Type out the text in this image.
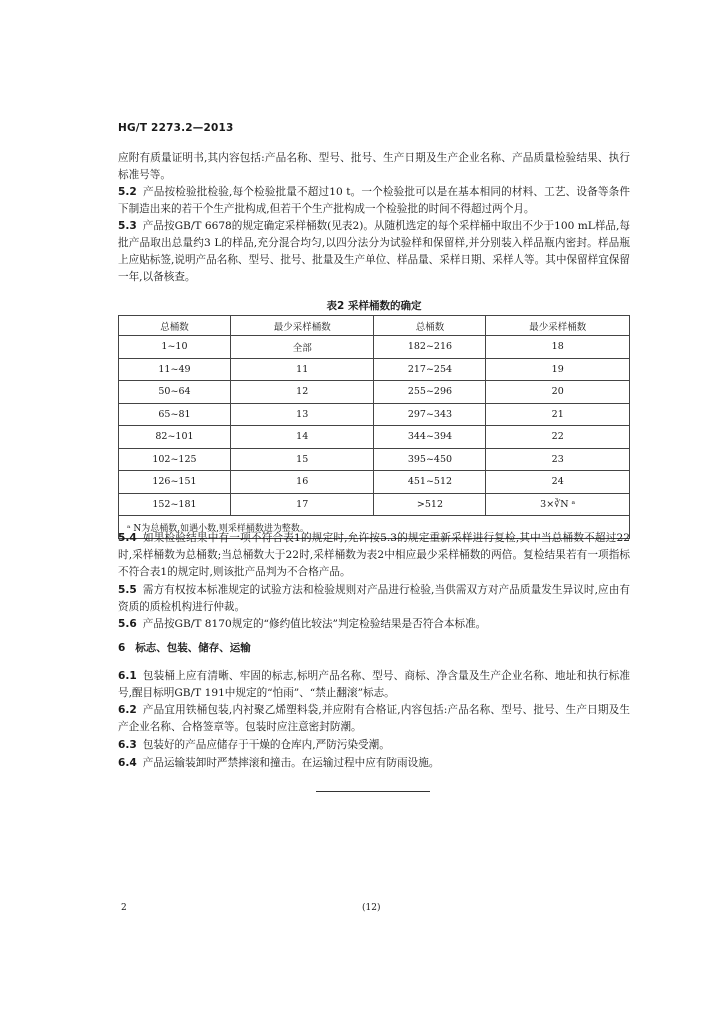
HG/T 2273.2—2013

应附有质量证明书,其内容包括:产品名称、型号、批号、生产日期及生产企业名称、产品质量检验结果、执行标准号等。

5.2 产品按检验批检验,每个检验批量不超过10 t。一个检验批可以是在基本相同的材料、工艺、设备等条件下制造出来的若干个生产批构成,但若干个生产批构成一个检验批的时间不得超过两个月。

5.3 产品按GB/T 6678的规定确定采样桶数(见表2)。从随机选定的每个采样桶中取出不少于100 mL样品,每批产品取出总量约3 L的样品,充分混合均匀,以四分法分为试验样和保留样,并分别装入样品瓶内密封。样品瓶上应贴标签,说明产品名称、型号、批号、批量及生产单位、样品量、采样日期、采样人等。其中保留样宜保留一年,以备核查。

表2 采样桶数的确定
总桶数	最少采样桶数	总桶数	最少采样桶数
1~10	全部	182~216	18
11~49	11	217~254	19
50~64	12	255~296	20
65~81	13	297~343	21
82~101	14	344~394	22
102~125	15	395~450	23
126~151	16	451~512	24
152~181	17	>512	3×∛N ᵃ
ᵃ N为总桶数,如遇小数,则采样桶数进为整数。			

5.4 如果检验结果中有一项不符合表1的规定时,允许按5.3的规定重新采样进行复检,其中当总桶数不超过22时,采样桶数为总桶数;当总桶数大于22时,采样桶数为表2中相应最少采样桶数的两倍。复检结果若有一项指标不符合表1的规定时,则该批产品判为不合格产品。

5.5 需方有权按本标准规定的试验方法和检验规则对产品进行检验,当供需双方对产品质量发生异议时,应由有资质的质检机构进行仲裁。

5.6 产品按GB/T 8170规定的“修约值比较法”判定检验结果是否符合本标准。

6 标志、包装、储存、运输

6.1 包装桶上应有清晰、牢固的标志,标明产品名称、型号、商标、净含量及生产企业名称、地址和执行标准号,醒目标明GB/T 191中规定的“怕雨”、“禁止翻滚”标志。

6.2 产品宜用铁桶包装,内衬聚乙烯塑料袋,并应附有合格证,内容包括:产品名称、型号、批号、生产日期及生产企业名称、合格签章等。包装时应注意密封防潮。

6.3 包装好的产品应储存于干燥的仓库内,严防污染受潮。

6.4 产品运输装卸时严禁摔滚和撞击。在运输过程中应有防雨设施。

2	(12)
